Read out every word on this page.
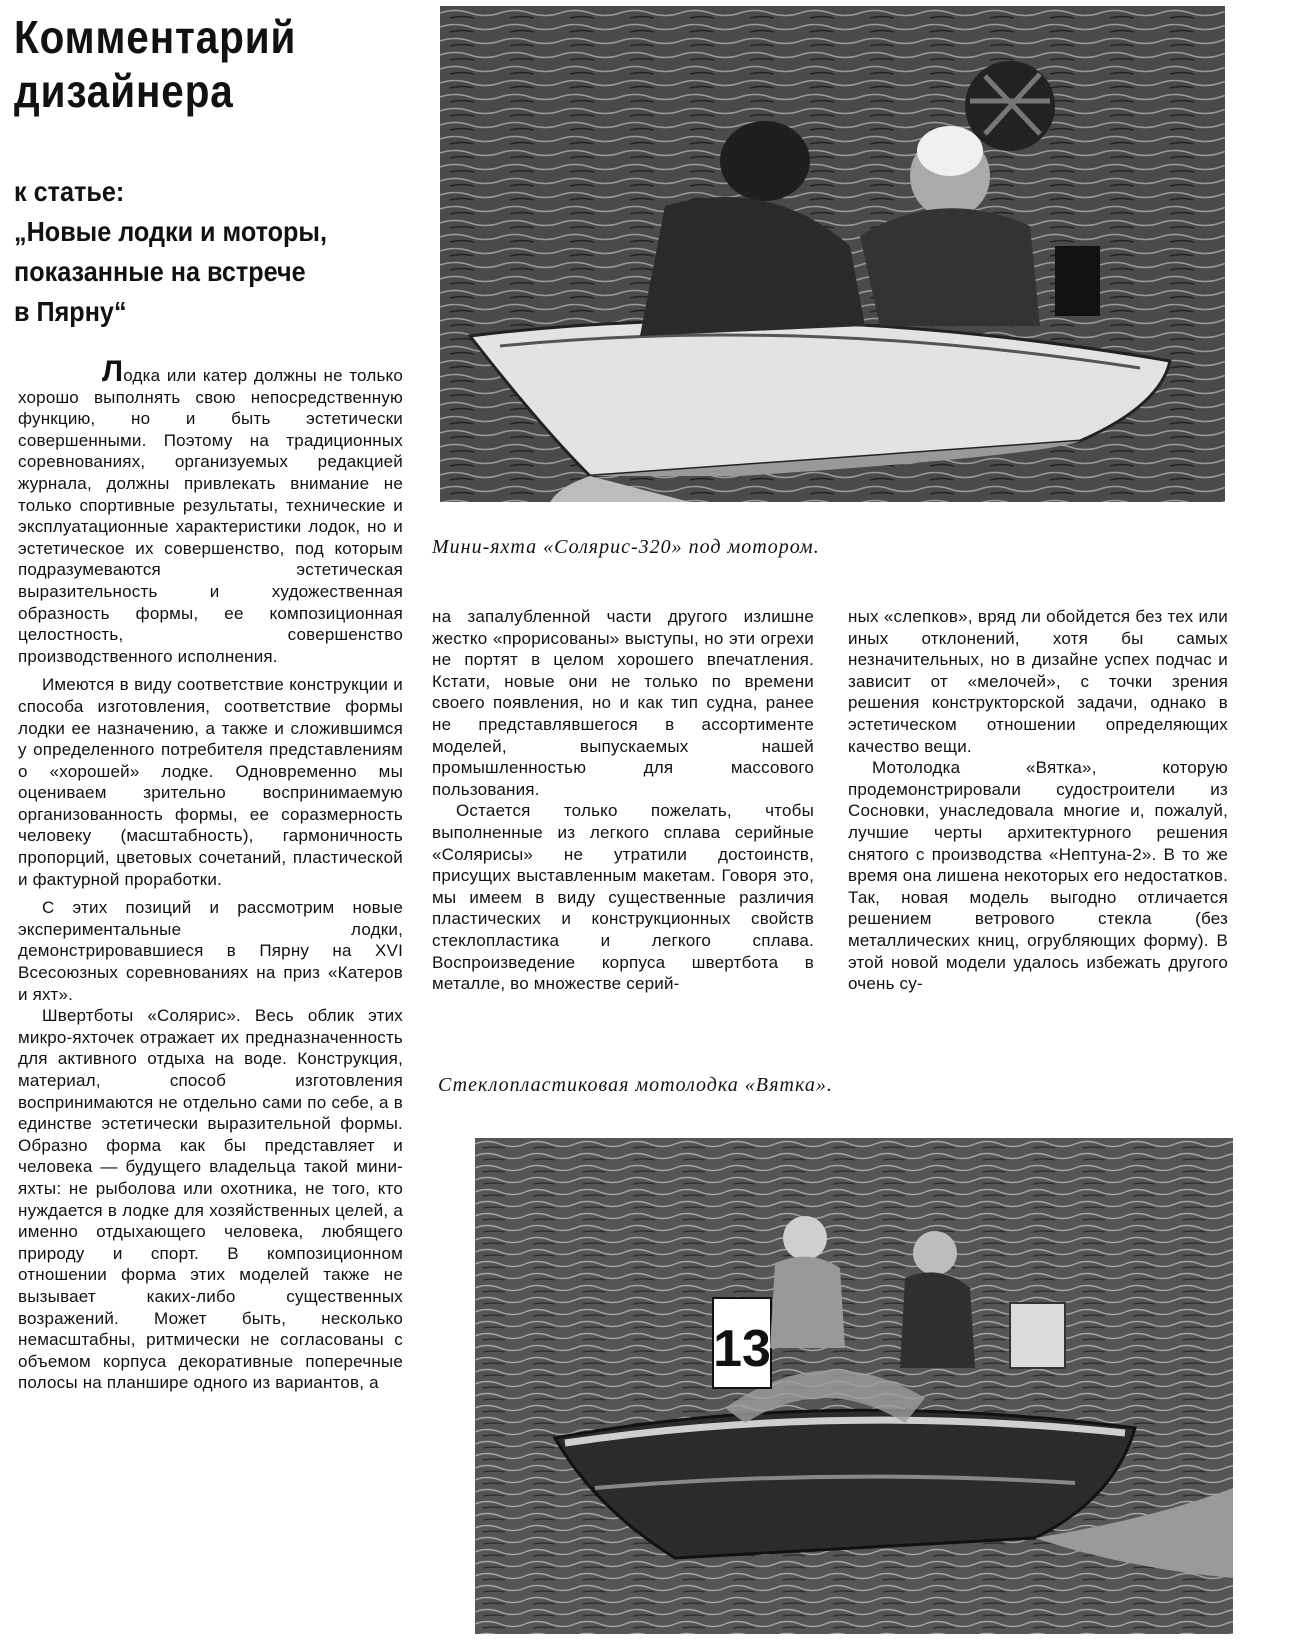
Комментарий
дизайнера
к статье:
„Новые лодки и моторы,
показанные на встрече
в Пярну“

Лодка или катер должны не только хорошо выполнять свою непосредственную функцию, но и быть эстетически совершенными. Поэтому на традиционных соревнованиях, организуемых редакцией журнала, должны привлекать внимание не только спортивные результаты, технические и эксплуатационные характеристики лодок, но и эстетическое их совершенство, под которым подразумеваются эстетическая выразительность и художественная образность формы, ее композиционная целостность, совершенство производственного исполнения.

Имеются в виду соответствие конструкции и способа изготовления, соответствие формы лодки ее назначению, а также и сложившимся у определенного потребителя представлениям о «хорошей» лодке. Одновременно мы оцениваем зрительно воспринимаемую организованность формы, ее соразмерность человеку (масштабность), гармоничность пропорций, цветовых сочетаний, пластической и фактурной проработки.

С этих позиций и рассмотрим новые экспериментальные лодки, демонстрировавшиеся в Пярну на XVI Всесоюзных соревнованиях на приз «Катеров и яхт».

Швертботы «Солярис». Весь облик этих микро-яхточек отражает их предназначенность для активного отдыха на воде. Конструкция, материал, способ изготовления воспринимаются не отдельно сами по себе, а в единстве эстетически выразительной формы. Образно форма как бы представляет и человека — будущего владельца такой мини-яхты: не рыболова или охотника, не того, кто нуждается в лодке для хозяйственных целей, а именно отдыхающего человека, любящего природу и спорт. В композиционном отношении форма этих моделей также не вызывает каких-либо существенных возражений. Может быть, несколько немасштабны, ритмически не согласованы с объемом корпуса декоративные поперечные полосы на планшире одного из вариантов, а

Мини-яхта «Солярис-320» под мотором.

на запалубленной части другого излишне жестко «прорисованы» выступы, но эти огрехи не портят в целом хорошего впечатления. Кстати, новые они не только по времени своего появления, но и как тип судна, ранее не представлявшегося в ассортименте моделей, выпускаемых нашей промышленностью для массового пользования.

Остается только пожелать, чтобы выполненные из легкого сплава серийные «Солярисы» не утратили достоинств, присущих выставленным макетам. Говоря это, мы имеем в виду существенные различия пластических и конструкционных свойств стеклопластика и легкого сплава. Воспроизведение корпуса швертбота в металле, во множестве серий-

ных «слепков», вряд ли обойдется без тех или иных отклонений, хотя бы самых незначительных, но в дизайне успех подчас и зависит от «мелочей», с точки зрения решения конструкторской задачи, однако в эстетическом отношении определяющих качество вещи.

Мотолодка «Вятка», которую продемонстрировали судостроители из Сосновки, унаследовала многие и, пожалуй, лучшие черты архитектурного решения снятого с производства «Нептуна-2». В то же время она лишена некоторых его недостатков. Так, новая модель выгодно отличается решением ветрового стекла (без металлических книц, огрубляющих форму). В этой новой модели удалось избежать другого очень су-

Стеклопластиковая мотолодка «Вятка».
13
